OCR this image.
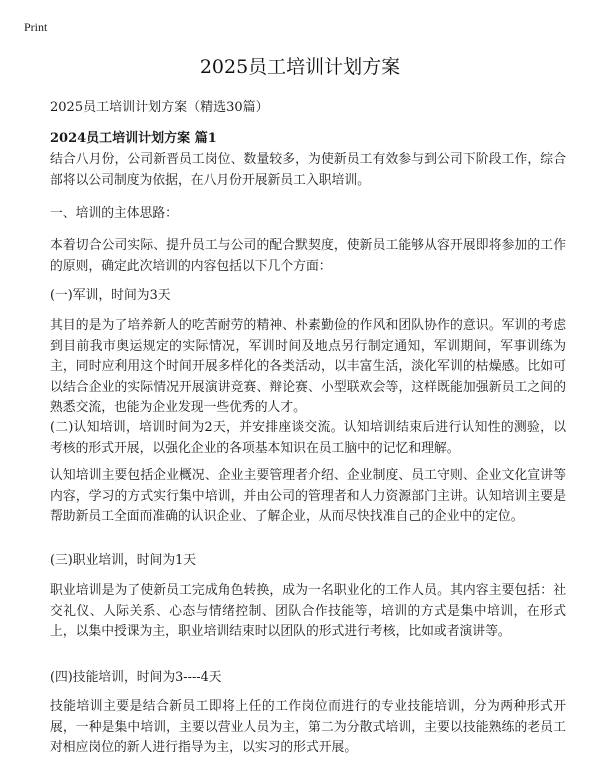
Print
2025员工培训计划方案
2025员工培训计划方案（精选30篇）
2024员工培训计划方案 篇1

结合八月份，公司新晋员工岗位、数量较多，为使新员工有效参与到公司下阶段工作，综合部将以公司制度为依据，在八月份开展新员工入职培训。

一、培训的主体思路：

本着切合公司实际、提升员工与公司的配合默契度，使新员工能够从容开展即将参加的工作的原则，确定此次培训的内容包括以下几个方面：

(一)军训，时间为3天

其目的是为了培养新人的吃苦耐劳的精神、朴素勤俭的作风和团队协作的意识。军训的考虑到目前我市奥运规定的实际情况，军训时间及地点另行制定通知，军训期间，军事训练为主，同时应利用这个时间开展多样化的各类活动，以丰富生活，淡化军训的枯燥感。比如可以结合企业的实际情况开展演讲竞赛、辩论赛、小型联欢会等，这样既能加强新员工之间的熟悉交流，也能为企业发现一些优秀的人才。

(二)认知培训，培训时间为2天，并安排座谈交流。认知培训结束后进行认知性的测验，以考核的形式开展，以强化企业的各项基本知识在员工脑中的记忆和理解。

认知培训主要包括企业概况、企业主要管理者介绍、企业制度、员工守则、企业文化宣讲等内容，学习的方式实行集中培训，并由公司的管理者和人力资源部门主讲。认知培训主要是帮助新员工全面而准确的认识企业、了解企业，从而尽快找准自己的企业中的定位。

(三)职业培训，时间为1天

职业培训是为了使新员工完成角色转换，成为一名职业化的工作人员。其内容主要包括：社交礼仪、人际关系、心态与情绪控制、团队合作技能等，培训的方式是集中培训，在形式上，以集中授课为主，职业培训结束时以团队的形式进行考核，比如或者演讲等。

(四)技能培训，时间为3----4天

技能培训主要是结合新员工即将上任的工作岗位而进行的专业技能培训，分为两种形式开展，一种是集中培训，主要以营业人员为主，第二为分散式培训，主要以技能熟练的老员工对相应岗位的新人进行指导为主，以实习的形式开展。
